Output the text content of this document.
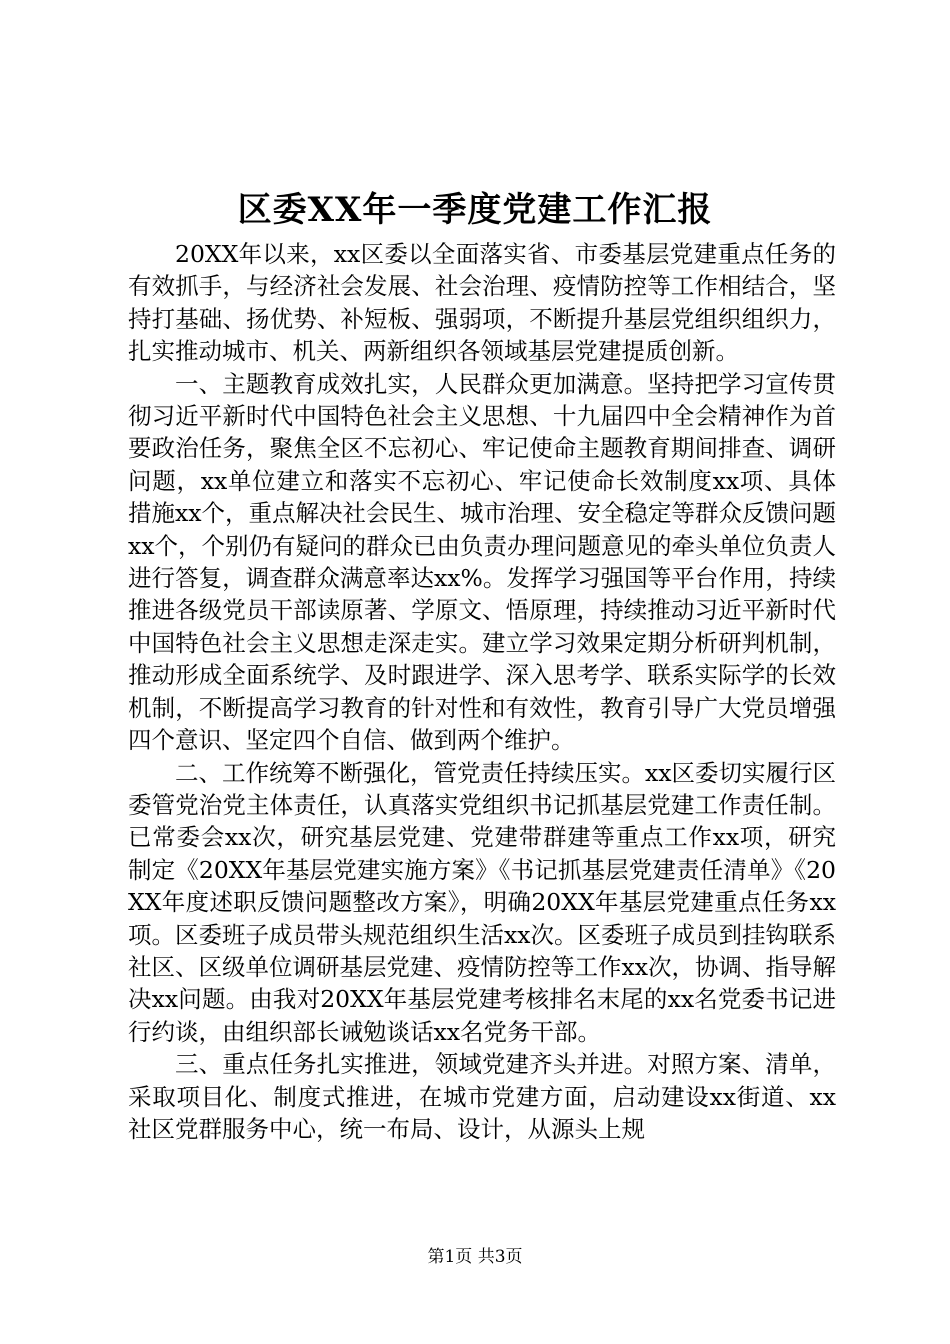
区委XX年一季度党建工作汇报

20XX年以来，xx区委以全面落实省、市委基层党建重点任务的有效抓手，与经济社会发展、社会治理、疫情防控等工作相结合，坚持打基础、扬优势、补短板、强弱项，不断提升基层党组织组织力，扎实推动城市、机关、两新组织各领域基层党建提质创新。

一、主题教育成效扎实，人民群众更加满意。坚持把学习宣传贯彻习近平新时代中国特色社会主义思想、十九届四中全会精神作为首要政治任务，聚焦全区不忘初心、牢记使命主题教育期间排查、调研问题，xx单位建立和落实不忘初心、牢记使命长效制度xx项、具体措施xx个，重点解决社会民生、城市治理、安全稳定等群众反馈问题xx个，个别仍有疑问的群众已由负责办理问题意见的牵头单位负责人进行答复，调查群众满意率达xx%。发挥学习强国等平台作用，持续推进各级党员干部读原著、学原文、悟原理，持续推动习近平新时代中国特色社会主义思想走深走实。建立学习效果定期分析研判机制，推动形成全面系统学、及时跟进学、深入思考学、联系实际学的长效机制，不断提高学习教育的针对性和有效性，教育引导广大党员增强四个意识、坚定四个自信、做到两个维护。

二、工作统筹不断强化，管党责任持续压实。xx区委切实履行区委管党治党主体责任，认真落实党组织书记抓基层党建工作责任制。已常委会xx次，研究基层党建、党建带群建等重点工作xx项，研究制定《20XX年基层党建实施方案》《书记抓基层党建责任清单》《20XX年度述职反馈问题整改方案》，明确20XX年基层党建重点任务xx项。区委班子成员带头规范组织生活xx次。区委班子成员到挂钩联系社区、区级单位调研基层党建、疫情防控等工作xx次，协调、指导解决xx问题。由我对20XX年基层党建考核排名末尾的xx名党委书记进行约谈，由组织部长诫勉谈话xx名党务干部。

三、重点任务扎实推进，领域党建齐头并进。对照方案、清单，采取项目化、制度式推进，在城市党建方面，启动建设xx街道、xx社区党群服务中心，统一布局、设计，从源头上规

第1页 共3页
